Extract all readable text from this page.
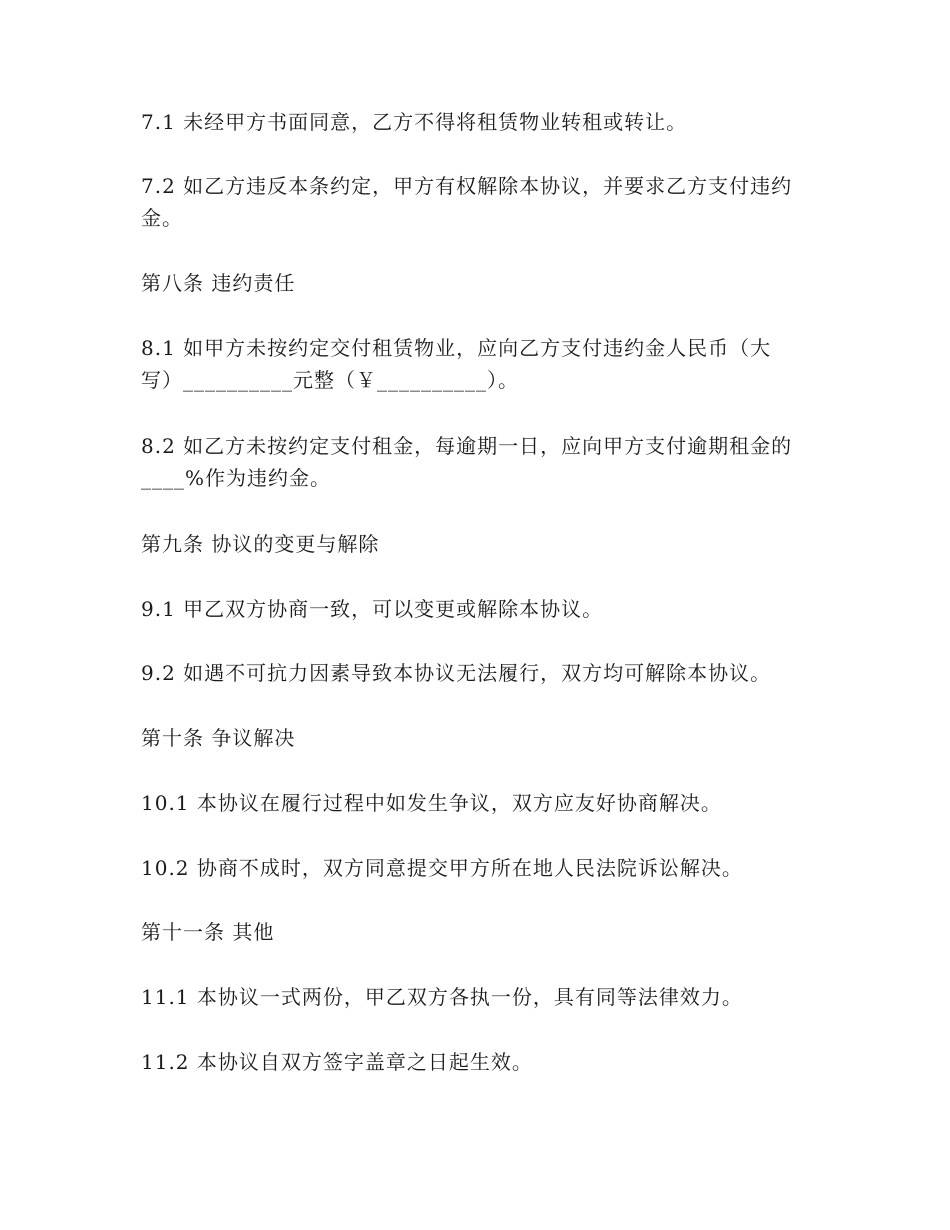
7.1 未经甲方书面同意，乙方不得将租赁物业转租或转让。

7.2 如乙方违反本条约定，甲方有权解除本协议，并要求乙方支付违约金。

第八条 违约责任

8.1 如甲方未按约定交付租赁物业，应向乙方支付违约金人民币（大写）__________元整（￥__________）。

8.2 如乙方未按约定支付租金，每逾期一日，应向甲方支付逾期租金的____%作为违约金。

第九条 协议的变更与解除

9.1 甲乙双方协商一致，可以变更或解除本协议。

9.2 如遇不可抗力因素导致本协议无法履行，双方均可解除本协议。

第十条 争议解决

10.1 本协议在履行过程中如发生争议，双方应友好协商解决。

10.2 协商不成时，双方同意提交甲方所在地人民法院诉讼解决。

第十一条 其他

11.1 本协议一式两份，甲乙双方各执一份，具有同等法律效力。

11.2 本协议自双方签字盖章之日起生效。
